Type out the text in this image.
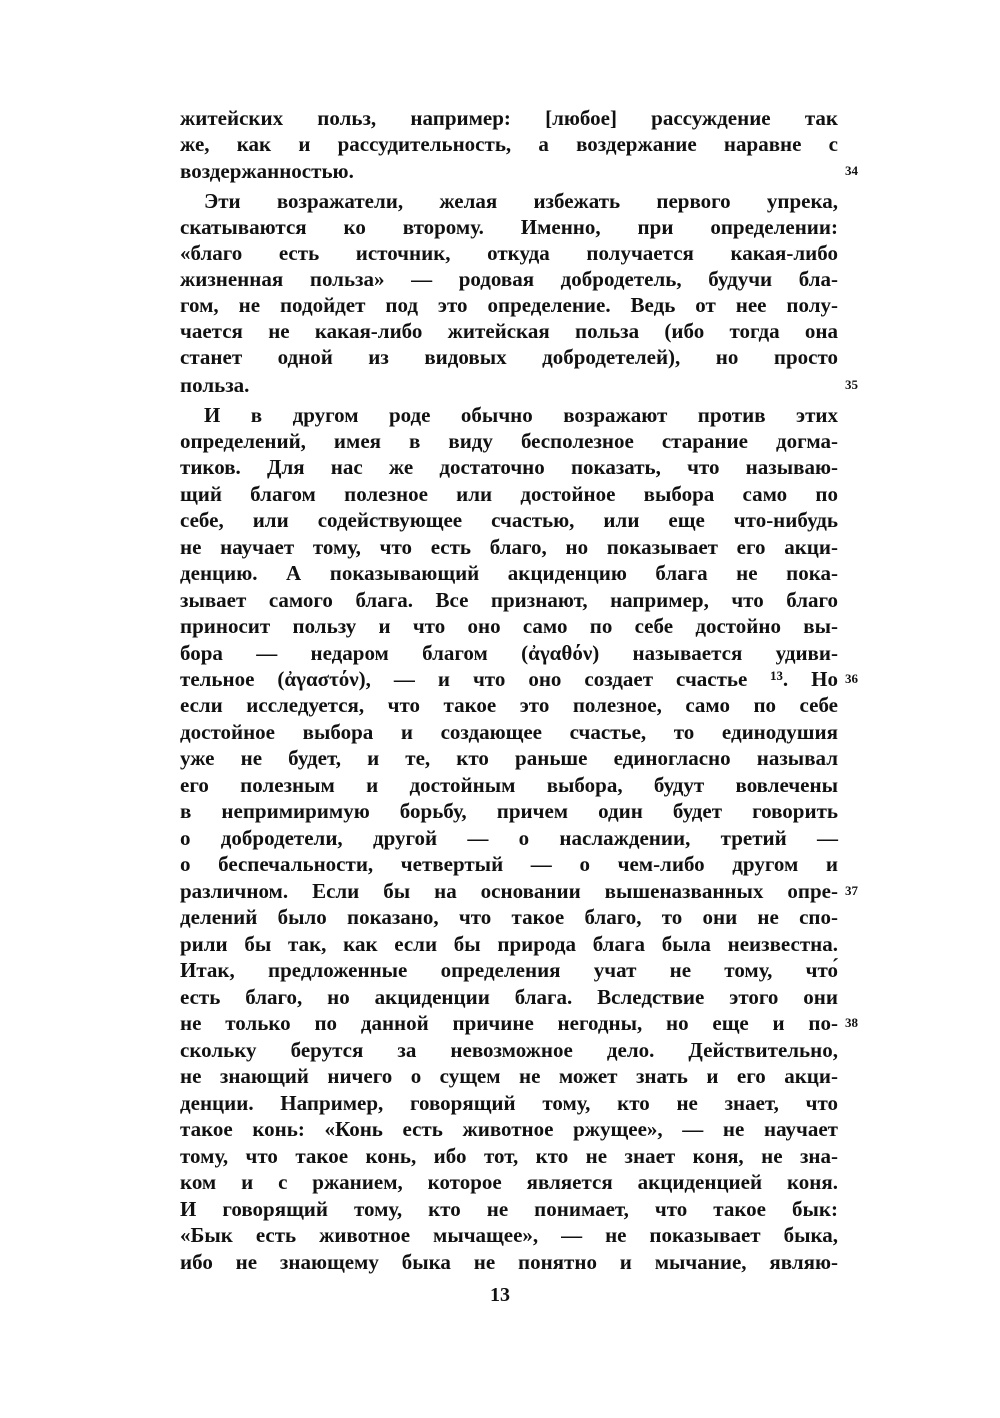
житейских польз, например: [любое] рассуждение так
же, как и рассудительность, а воздержание наравне с
воздержанностью.	34
Эти возражатели, желая избежать первого упрека,
скатываются ко второму. Именно, при определении:
«благо есть источник, откуда получается какая-либо
жизненная польза» — родовая добродетель, будучи бла-
гом, не подойдет под это определение. Ведь от нее полу-
чается не какая-либо житейская польза (ибо тогда она
станет одной из видовых добродетелей), но просто
польза.	35
И в другом роде обычно возражают против этих
определений, имея в виду бесполезное старание догма-
тиков. Для нас же достаточно показать, что называю-
щий благом полезное или достойное выбора само по
себе, или содействующее счастью, или еще что-нибудь
не научает тому, что есть благо, но показывает его акци-
денцию. А показывающий акциденцию блага не пока-
зывает самого блага. Все признают, например, что благо
приносит пользу и что оно само по себе достойно вы-
бора — недаром благом (ἀγαθόν) называется удиви-
тельное (ἀγαστόν), — и что оно создает счастье ¹³. Но 36
если исследуется, что такое это полезное, само по себе
достойное выбора и создающее счастье, то единодушия
уже не будет, и те, кто раньше единогласно называл
его полезным и достойным выбора, будут вовлечены
в непримиримую борьбу, причем один будет говорить
о добродетели, другой — о наслаждении, третий —
о беспечальности, четвертый — о чем-либо другом и
различном. Если бы на основании вышеназванных опре- 37
делений было показано, что такое благо, то они не спо-
рили бы так, как если бы природа блага была неизвестна.
Итак, предложенные определения учат не тому, что́
есть благо, но акциденции блага. Вследствие этого они
не только по данной причине негодны, но еще и по- 38
скольку берутся за невозможное дело. Действительно,
не знающий ничего о сущем не может знать и его акци-
денции. Например, говорящий тому, кто не знает, что
такое конь: «Конь есть животное ржущее», — не научает
тому, что такое конь, ибо тот, кто не знает коня, не зна-
ком и с ржанием, которое является акциденцией коня.
И говорящий тому, кто не понимает, что такое бык:
«Бык есть животное мычащее», — не показывает быка,
ибо не знающему быка не понятно и мычание, являю-
13
